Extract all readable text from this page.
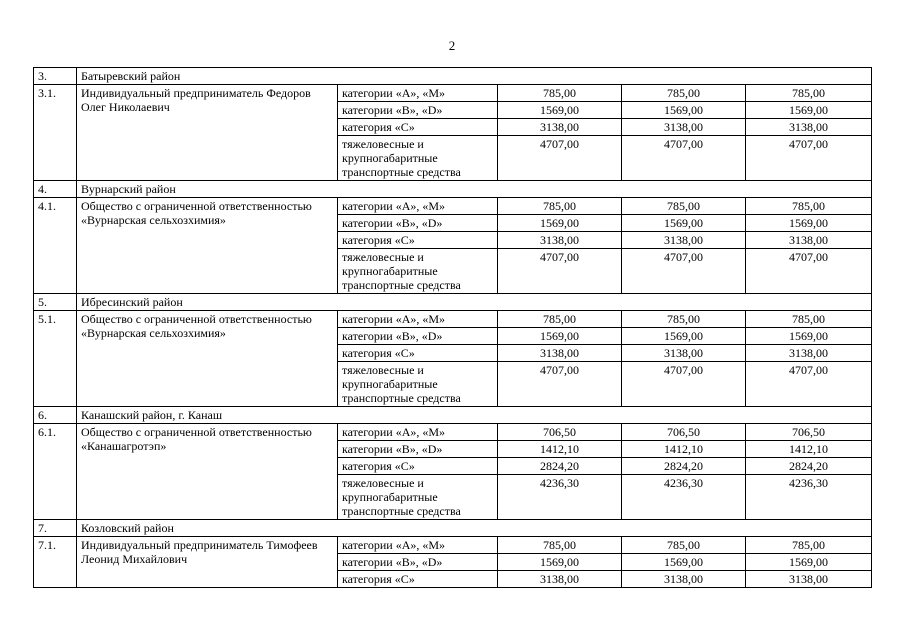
2
3.	Батыревский район				
3.1.	Индивидуальный предприниматель Федоров Олег Николаевич	категории «А», «М»	785,00	785,00	785,00
		категории «В», «D»	1569,00	1569,00	1569,00
		категория «С»	3138,00	3138,00	3138,00
		тяжеловесные и крупногабаритные транспортные средства	4707,00	4707,00	4707,00
4.	Вурнарский район				
4.1.	Общество с ограниченной ответственностью «Вурнарская сельхозхимия»	категории «А», «М»	785,00	785,00	785,00
		категории «В», «D»	1569,00	1569,00	1569,00
		категория «С»	3138,00	3138,00	3138,00
		тяжеловесные и крупногабаритные транспортные средства	4707,00	4707,00	4707,00
5.	Ибресинский район				
5.1.	Общество с ограниченной ответственностью «Вурнарская сельхозхимия»	категории «А», «М»	785,00	785,00	785,00
		категории «В», «D»	1569,00	1569,00	1569,00
		категория «С»	3138,00	3138,00	3138,00
		тяжеловесные и крупногабаритные транспортные средства	4707,00	4707,00	4707,00
6.	Канашский район, г. Канаш				
6.1.	Общество с ограниченной ответственностью «Канашагротэп»	категории «А», «М»	706,50	706,50	706,50
		категории «В», «D»	1412,10	1412,10	1412,10
		категория «С»	2824,20	2824,20	2824,20
		тяжеловесные и крупногабаритные транспортные средства	4236,30	4236,30	4236,30
7.	Козловский район				
7.1.	Индивидуальный предприниматель Тимофеев Леонид Михайлович	категории «А», «М»	785,00	785,00	785,00
		категории «В», «D»	1569,00	1569,00	1569,00
		категория «С»	3138,00	3138,00	3138,00
